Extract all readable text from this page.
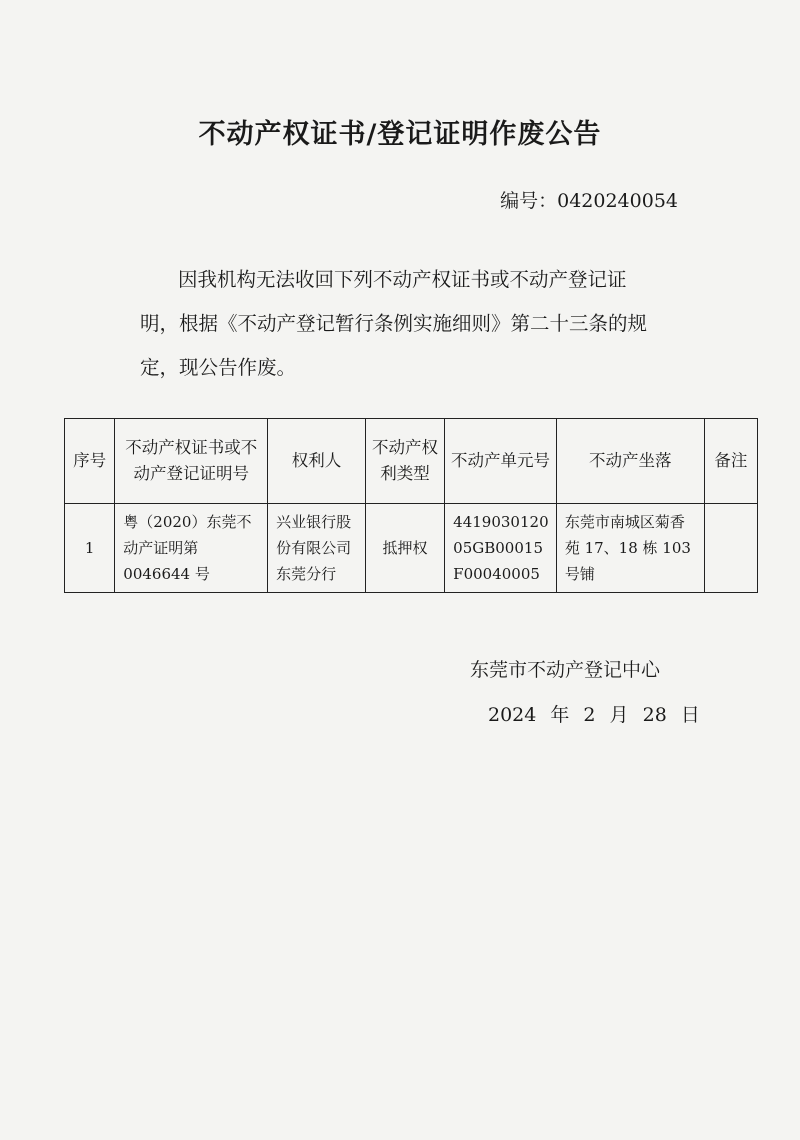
不动产权证书/登记证明作废公告
编号：0420240054
因我机构无法收回下列不动产权证书或不动产登记证
明，根据《不动产登记暂行条例实施细则》第二十三条的规
定，现公告作废。
序号	不动产权证书或不动产登记证明号	权利人	不动产权利类型	不动产单元号	不动产坐落	备注
1	粤（2020）东莞不动产证明第 0046644 号	兴业银行股份有限公司东莞分行	抵押权	441903012005GB00015F00040005	东莞市南城区菊香苑 17、18 栋 103 号铺	
东莞市不动产登记中心
2024 年 2 月 28 日
